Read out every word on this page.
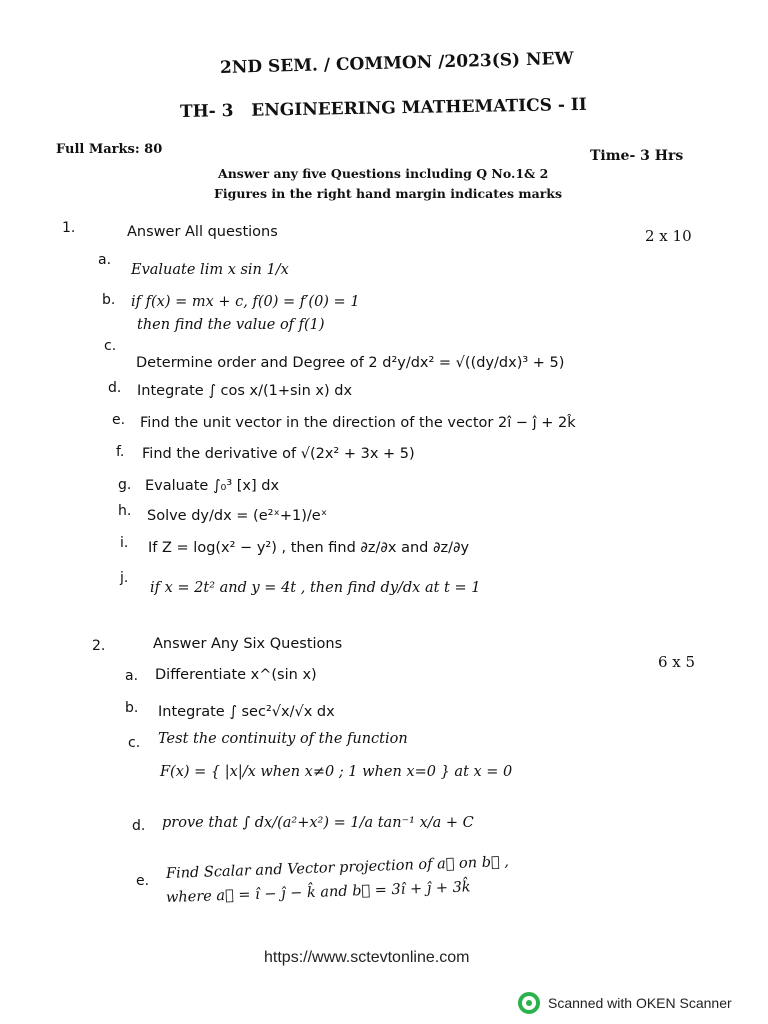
2ND SEM. / COMMON /2023(S) NEW
TH- 3 ENGINEERING MATHEMATICS - II
Full Marks: 80	Time- 3 Hrs
Answer any five Questions including Q No.1& 2
Figures in the right hand margin indicates marks
1.	Answer All questions	2 x 10
a.
Evaluate lim x sin 1/x
b. if f(x) = mx + c, f(0) = f′(0) = 1
then find the value of f(1)
c.
Determine order and Degree of 2 d²y/dx² = √((dy/dx)³ + 5)
d. Integrate ∫ cos x/(1+sin x) dx
e. Find the unit vector in the direction of the vector 2î − ĵ + 2k̂
f. Find the derivative of √(2x² + 3x + 5)
g. Evaluate ∫₀³ [x] dx
h. Solve dy/dx = (e²ˣ+1)/eˣ
i. If Z = log(x² − y²) , then find ∂z/∂x and ∂z/∂y
j.
if x = 2t² and y = 4t , then find dy/dx at t = 1
2.	Answer Any Six Questions
6 x 5
a. Differentiate x^(sin x)
b. Integrate ∫ sec²√x/√x dx
c. Test the continuity of the function
F(x) = { |x|/x when x≠0 ; 1 when x=0 } at x = 0
d. prove that ∫ dx/(a²+x²) = 1/a tan⁻¹ x/a + C
e. Find Scalar and Vector projection of a⃗ on b⃗ ,
where a⃗ = î − ĵ − k̂ and b⃗ = 3î + ĵ + 3k̂
https://www.sctevtonline.com
Scanned with OKEN Scanner
